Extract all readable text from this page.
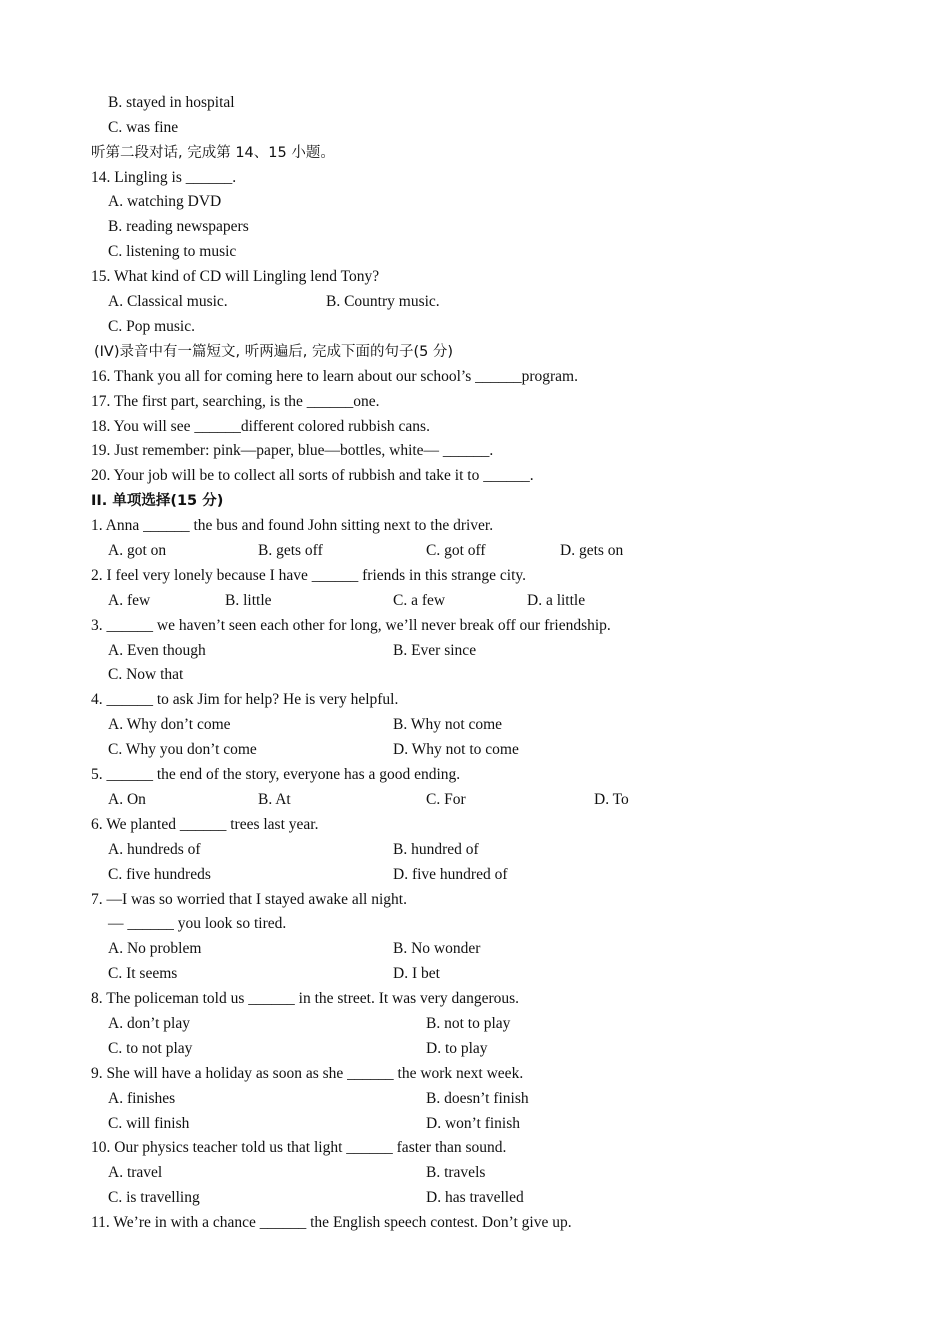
B. stayed in hospital
C. was fine
听第二段对话, 完成第 14、15 小题。
14. Lingling is ______.
A. watching DVD
B. reading newspapers
C. listening to music
15. What kind of CD will Lingling lend Tony?
A. Classical music.	B. Country music.
C. Pop music.
(IV)录音中有一篇短文, 听两遍后, 完成下面的句子(5 分)
16. Thank you all for coming here to learn about our school’s ______program.
17. The first part, searching, is the ______one.
18. You will see ______different colored rubbish cans.
19. Just remember: pink—paper, blue—bottles, white— ______.
20. Your job will be to collect all sorts of rubbish and take it to ______.
II. 单项选择(15 分)
1. Anna ______ the bus and found John sitting next to the driver.
A. got on	B. gets off	C. got off	D. gets on
2. I feel very lonely because I have ______ friends in this strange city.
A. few	B. little	C. a few	D. a little
3. ______ we haven’t seen each other for long, we’ll never break off our friendship.
A. Even though	B. Ever since
C. Now that
4. ______ to ask Jim for help? He is very helpful.
A. Why don’t come	B. Why not come
C. Why you don’t come	D. Why not to come
5. ______ the end of the story, everyone has a good ending.
A. On	B. At	C. For	D. To
6. We planted ______ trees last year.
A. hundreds of	B. hundred of
C. five hundreds	D. five hundred of
7. —I was so worried that I stayed awake all night.
— ______ you look so tired.
A. No problem	B. No wonder
C. It seems	D. I bet
8. The policeman told us ______ in the street. It was very dangerous.
A. don’t play	B. not to play
C. to not play	D. to play
9. She will have a holiday as soon as she ______ the work next week.
A. finishes	B. doesn’t finish
C. will finish	D. won’t finish
10. Our physics teacher told us that light ______ faster than sound.
A. travel	B. travels
C. is travelling	D. has travelled
11. We’re in with a chance ______ the English speech contest. Don’t give up.
